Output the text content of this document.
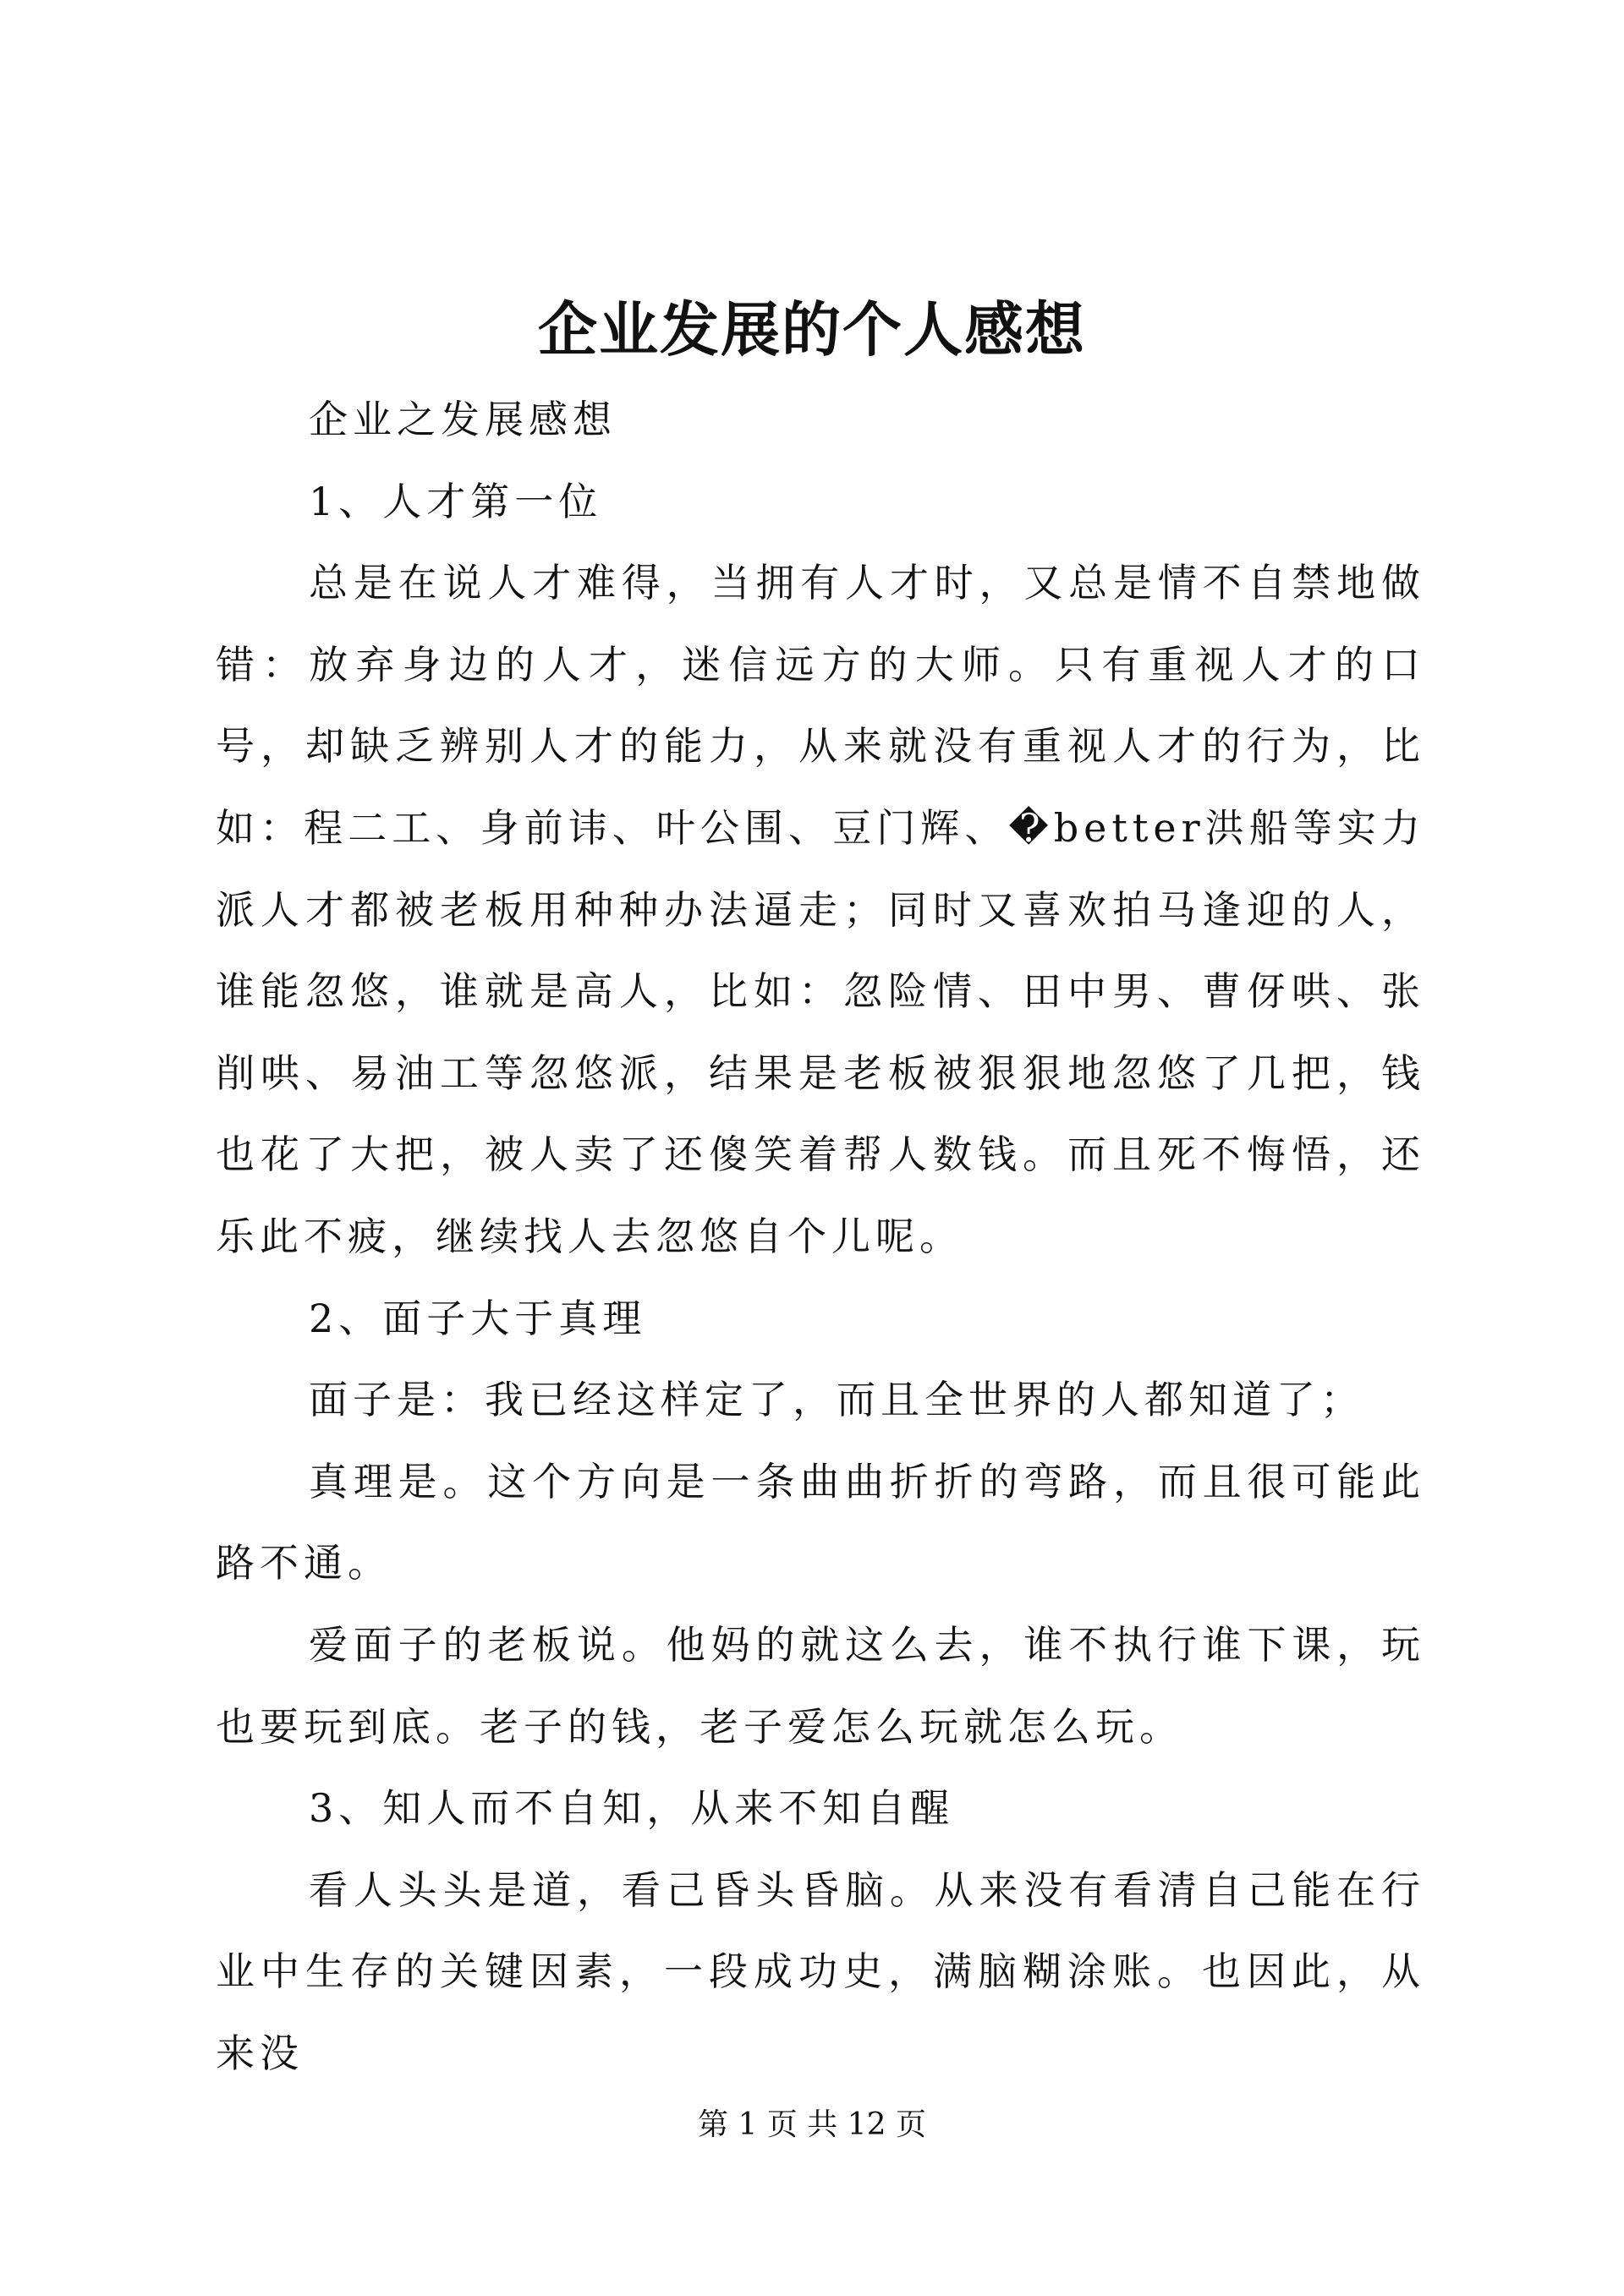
企业发展的个人感想

企业之发展感想

1、人才第一位

总是在说人才难得，当拥有人才时，又总是情不自禁地做错：放弃身边的人才，迷信远方的大师。只有重视人才的口号，却缺乏辨别人才的能力，从来就没有重视人才的行为，比如：程二工、身前讳、叶公围、豆门辉、�better洪船等实力派人才都被老板用种种办法逼走；同时又喜欢拍马逢迎的人，谁能忽悠，谁就是高人，比如：忽险情、田中男、曹伢哄、张削哄、易油工等忽悠派，结果是老板被狠狠地忽悠了几把，钱也花了大把，被人卖了还傻笑着帮人数钱。而且死不悔悟，还乐此不疲，继续找人去忽悠自个儿呢。

2、面子大于真理

面子是：我已经这样定了，而且全世界的人都知道了；

真理是。这个方向是一条曲曲折折的弯路，而且很可能此路不通。

爱面子的老板说。他妈的就这么去，谁不执行谁下课，玩也要玩到底。老子的钱，老子爱怎么玩就怎么玩。

3、知人而不自知，从来不知自醒

看人头头是道，看己昏头昏脑。从来没有看清自己能在行业中生存的关键因素，一段成功史，满脑糊涂账。也因此，从来没

第 1 页 共 12 页
